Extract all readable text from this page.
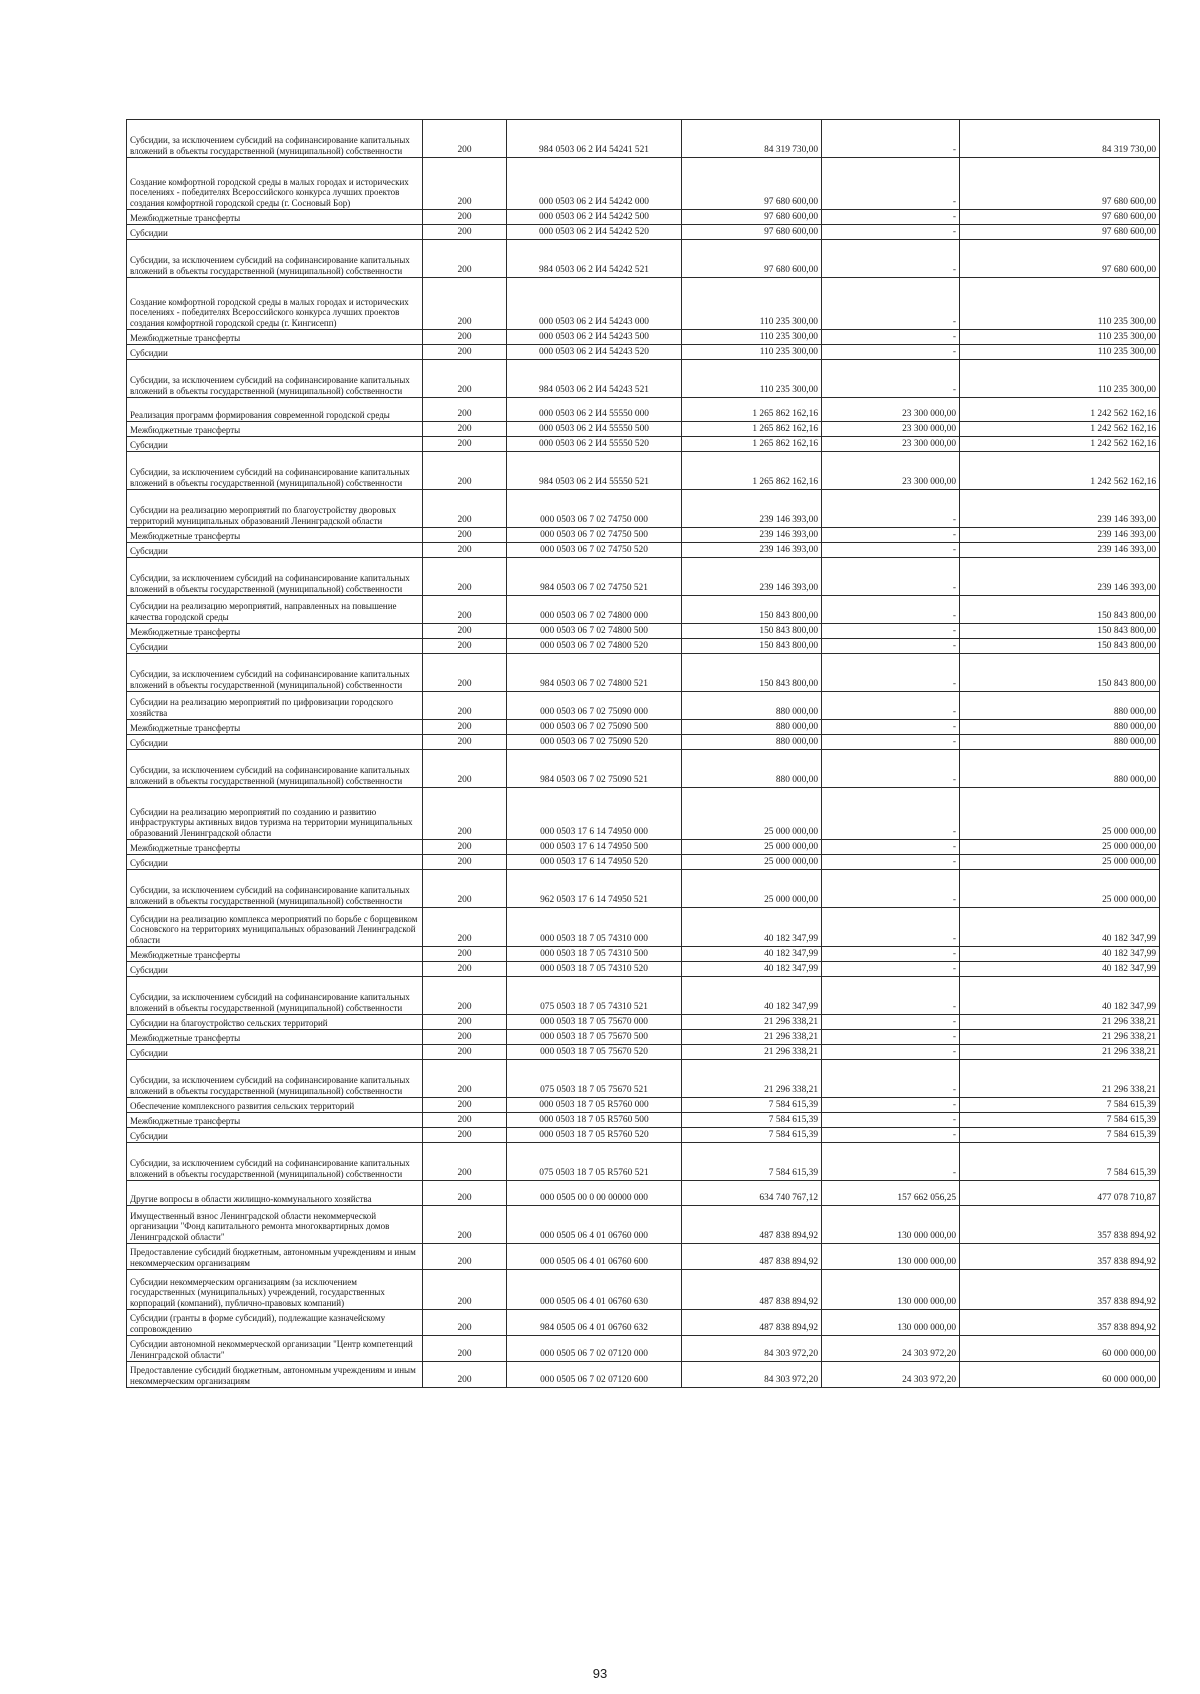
Субсидии, за исключением субсидий на софинансирование капитальных вложений в объекты государственной (муниципальной) собственности	200	984 0503 06 2 И4 54241 521	84 319 730,00	-	84 319 730,00
Создание комфортной городской среды в малых городах и исторических поселениях - победителях Всероссийского конкурса лучших проектов создания комфортной городской среды (г. Сосновый Бор)	200	000 0503 06 2 И4 54242 000	97 680 600,00	-	97 680 600,00
Межбюджетные трансферты	200	000 0503 06 2 И4 54242 500	97 680 600,00	-	97 680 600,00
Субсидии	200	000 0503 06 2 И4 54242 520	97 680 600,00	-	97 680 600,00
Субсидии, за исключением субсидий на софинансирование капитальных вложений в объекты государственной (муниципальной) собственности	200	984 0503 06 2 И4 54242 521	97 680 600,00	-	97 680 600,00
Создание комфортной городской среды в малых городах и исторических поселениях - победителях Всероссийского конкурса лучших проектов создания комфортной городской среды (г. Кингисепп)	200	000 0503 06 2 И4 54243 000	110 235 300,00	-	110 235 300,00
Межбюджетные трансферты	200	000 0503 06 2 И4 54243 500	110 235 300,00	-	110 235 300,00
Субсидии	200	000 0503 06 2 И4 54243 520	110 235 300,00	-	110 235 300,00
Субсидии, за исключением субсидий на софинансирование капитальных вложений в объекты государственной (муниципальной) собственности	200	984 0503 06 2 И4 54243 521	110 235 300,00	-	110 235 300,00
Реализация программ формирования современной городской среды	200	000 0503 06 2 И4 55550 000	1 265 862 162,16	23 300 000,00	1 242 562 162,16
Межбюджетные трансферты	200	000 0503 06 2 И4 55550 500	1 265 862 162,16	23 300 000,00	1 242 562 162,16
Субсидии	200	000 0503 06 2 И4 55550 520	1 265 862 162,16	23 300 000,00	1 242 562 162,16
Субсидии, за исключением субсидий на софинансирование капитальных вложений в объекты государственной (муниципальной) собственности	200	984 0503 06 2 И4 55550 521	1 265 862 162,16	23 300 000,00	1 242 562 162,16
Субсидии на реализацию мероприятий по благоустройству дворовых территорий муниципальных образований Ленинградской области	200	000 0503 06 7 02 74750 000	239 146 393,00	-	239 146 393,00
Межбюджетные трансферты	200	000 0503 06 7 02 74750 500	239 146 393,00	-	239 146 393,00
Субсидии	200	000 0503 06 7 02 74750 520	239 146 393,00	-	239 146 393,00
Субсидии, за исключением субсидий на софинансирование капитальных вложений в объекты государственной (муниципальной) собственности	200	984 0503 06 7 02 74750 521	239 146 393,00	-	239 146 393,00
Субсидии на реализацию мероприятий, направленных на повышение качества городской среды	200	000 0503 06 7 02 74800 000	150 843 800,00	-	150 843 800,00
Межбюджетные трансферты	200	000 0503 06 7 02 74800 500	150 843 800,00	-	150 843 800,00
Субсидии	200	000 0503 06 7 02 74800 520	150 843 800,00	-	150 843 800,00
Субсидии, за исключением субсидий на софинансирование капитальных вложений в объекты государственной (муниципальной) собственности	200	984 0503 06 7 02 74800 521	150 843 800,00	-	150 843 800,00
Субсидии на реализацию мероприятий по цифровизации городского хозяйства	200	000 0503 06 7 02 75090 000	880 000,00	-	880 000,00
Межбюджетные трансферты	200	000 0503 06 7 02 75090 500	880 000,00	-	880 000,00
Субсидии	200	000 0503 06 7 02 75090 520	880 000,00	-	880 000,00
Субсидии, за исключением субсидий на софинансирование капитальных вложений в объекты государственной (муниципальной) собственности	200	984 0503 06 7 02 75090 521	880 000,00	-	880 000,00
Субсидии на реализацию мероприятий по созданию и развитию инфраструктуры активных видов туризма на территории муниципальных образований Ленинградской области	200	000 0503 17 6 14 74950 000	25 000 000,00	-	25 000 000,00
Межбюджетные трансферты	200	000 0503 17 6 14 74950 500	25 000 000,00	-	25 000 000,00
Субсидии	200	000 0503 17 6 14 74950 520	25 000 000,00	-	25 000 000,00
Субсидии, за исключением субсидий на софинансирование капитальных вложений в объекты государственной (муниципальной) собственности	200	962 0503 17 6 14 74950 521	25 000 000,00	-	25 000 000,00
Субсидии на реализацию комплекса мероприятий по борьбе с борщевиком Сосновского на территориях муниципальных образований Ленинградской области	200	000 0503 18 7 05 74310 000	40 182 347,99	-	40 182 347,99
Межбюджетные трансферты	200	000 0503 18 7 05 74310 500	40 182 347,99	-	40 182 347,99
Субсидии	200	000 0503 18 7 05 74310 520	40 182 347,99	-	40 182 347,99
Субсидии, за исключением субсидий на софинансирование капитальных вложений в объекты государственной (муниципальной) собственности	200	075 0503 18 7 05 74310 521	40 182 347,99	-	40 182 347,99
Субсидии на благоустройство сельских территорий	200	000 0503 18 7 05 75670 000	21 296 338,21	-	21 296 338,21
Межбюджетные трансферты	200	000 0503 18 7 05 75670 500	21 296 338,21	-	21 296 338,21
Субсидии	200	000 0503 18 7 05 75670 520	21 296 338,21	-	21 296 338,21
Субсидии, за исключением субсидий на софинансирование капитальных вложений в объекты государственной (муниципальной) собственности	200	075 0503 18 7 05 75670 521	21 296 338,21	-	21 296 338,21
Обеспечение комплексного развития сельских территорий	200	000 0503 18 7 05 R5760 000	7 584 615,39	-	7 584 615,39
Межбюджетные трансферты	200	000 0503 18 7 05 R5760 500	7 584 615,39	-	7 584 615,39
Субсидии	200	000 0503 18 7 05 R5760 520	7 584 615,39	-	7 584 615,39
Субсидии, за исключением субсидий на софинансирование капитальных вложений в объекты государственной (муниципальной) собственности	200	075 0503 18 7 05 R5760 521	7 584 615,39	-	7 584 615,39
Другие вопросы в области жилищно-коммунального хозяйства	200	000 0505 00 0 00 00000 000	634 740 767,12	157 662 056,25	477 078 710,87
Имущественный взнос Ленинградской области некоммерческой организации "Фонд капитального ремонта многоквартирных домов Ленинградской области"	200	000 0505 06 4 01 06760 000	487 838 894,92	130 000 000,00	357 838 894,92
Предоставление субсидий бюджетным, автономным учреждениям и иным некоммерческим организациям	200	000 0505 06 4 01 06760 600	487 838 894,92	130 000 000,00	357 838 894,92
Субсидии некоммерческим организациям (за исключением государственных (муниципальных) учреждений, государственных корпораций (компаний), публично-правовых компаний)	200	000 0505 06 4 01 06760 630	487 838 894,92	130 000 000,00	357 838 894,92
Субсидии (гранты в форме субсидий), подлежащие казначейскому сопровождению	200	984 0505 06 4 01 06760 632	487 838 894,92	130 000 000,00	357 838 894,92
Субсидии автономной некоммерческой организации "Центр компетенций Ленинградской области"	200	000 0505 06 7 02 07120 000	84 303 972,20	24 303 972,20	60 000 000,00
Предоставление субсидий бюджетным, автономным учреждениям и иным некоммерческим организациям	200	000 0505 06 7 02 07120 600	84 303 972,20	24 303 972,20	60 000 000,00
93
